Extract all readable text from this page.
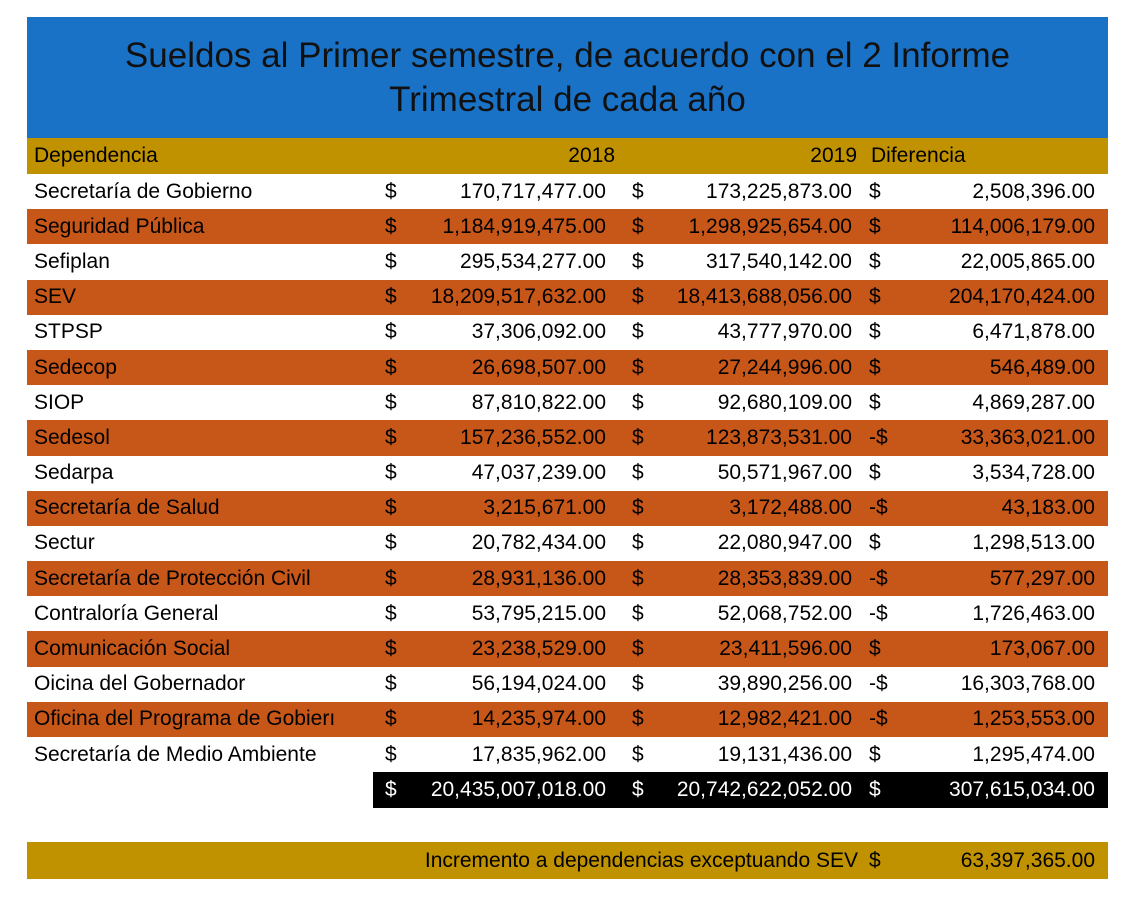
Sueldos al Primer semestre, de acuerdo con el 2 Informe
Trimestral de cada año
Dependencia	2018	2019 Diferencia
Secretaría de Gobierno	$	170,717,477.00 $	173,225,873.00 $	2,508,396.00
Seguridad Pública	$	1,184,919,475.00 $	1,298,925,654.00 $	114,006,179.00
Sefiplan	$	295,534,277.00 $	317,540,142.00 $	22,005,865.00
SEV	$	18,209,517,632.00 $	18,413,688,056.00 $	204,170,424.00
STPSP	$	37,306,092.00 $	43,777,970.00 $	6,471,878.00
Sedecop	$	26,698,507.00 $	27,244,996.00 $	546,489.00
SIOP	$	87,810,822.00 $	92,680,109.00 $	4,869,287.00
Sedesol	$	157,236,552.00 $	123,873,531.00 -$	33,363,021.00
Sedarpa	$	47,037,239.00 $	50,571,967.00 $	3,534,728.00
Secretaría de Salud	$	3,215,671.00 $	3,172,488.00 -$	43,183.00
Sectur	$	20,782,434.00 $	22,080,947.00 $	1,298,513.00
Secretaría de Protección Civil	$	28,931,136.00 $	28,353,839.00 -$	577,297.00
Contraloría General	$	53,795,215.00 $	52,068,752.00 -$	1,726,463.00
Comunicación Social	$	23,238,529.00 $	23,411,596.00 $	173,067.00
Oicina del Gobernador	$	56,194,024.00 $	39,890,256.00 -$	16,303,768.00
Oficina del Programa de Gobierı	$	14,235,974.00 $	12,982,421.00 -$	1,253,553.00
Secretaría de Medio Ambiente	$	17,835,962.00 $	19,131,436.00 $	1,295,474.00
$	20,435,007,018.00 $	20,742,622,052.00 $	307,615,034.00
Incremento a dependencias exceptuando SEV $	63,397,365.00
